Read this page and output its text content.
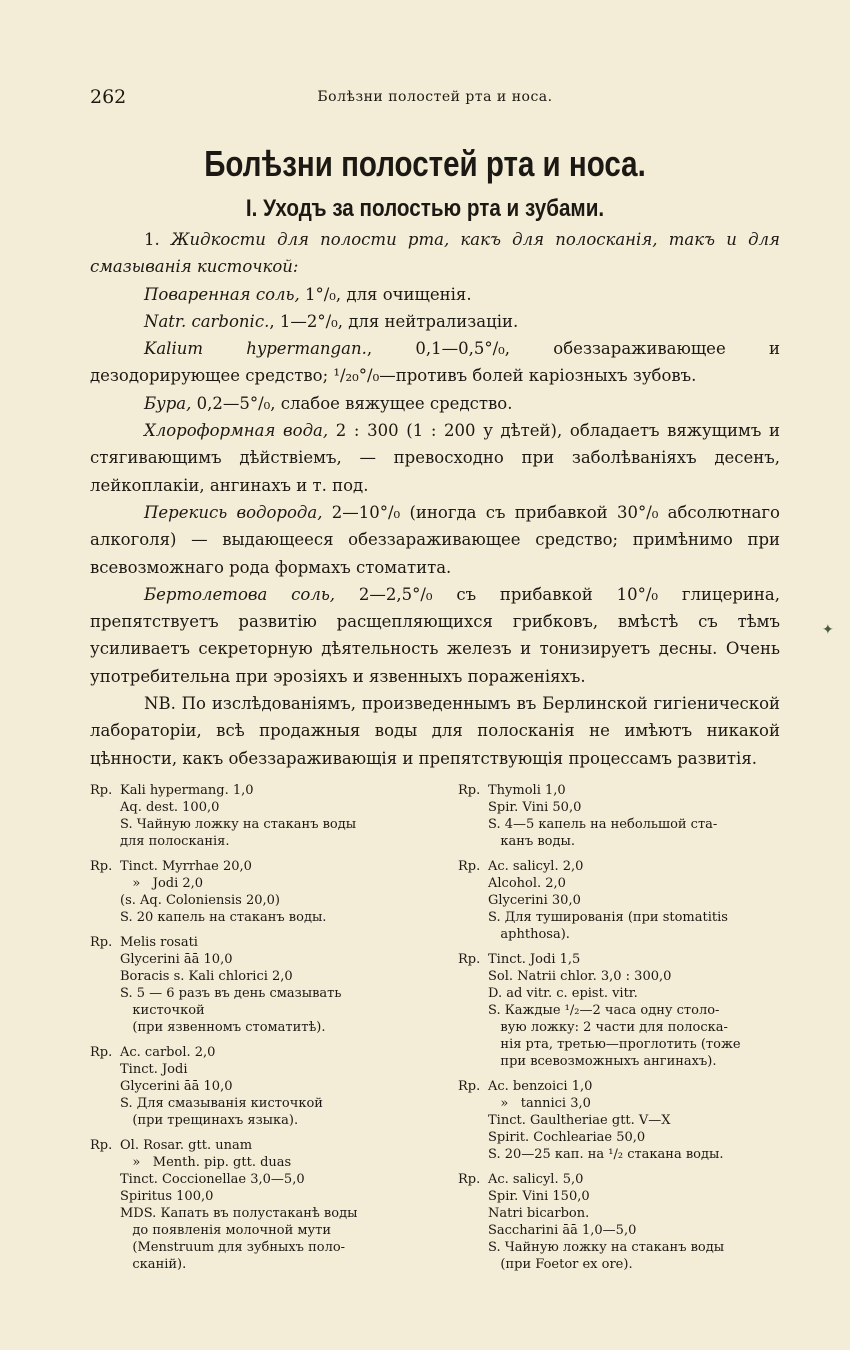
262	Болѣзни полостей рта и носа.
Болѣзни полостей рта и носа.
I. Уходъ за полостью рта и зубами.

1. Жидкости для полости рта, какъ для полосканія, такъ и для смазыванія кисточкой:

Поваренная соль, 1°/₀, для очищенія.

Natr. carbonic., 1—2°/₀, для нейтрализаціи.

Kalium hypermangan., 0,1—0,5°/₀, обеззараживающее и дезодорирующее средство; ¹/₂₀°/₀—противъ болей каріозныхъ зубовъ.

Бура, 0,2—5°/₀, слабое вяжущее средство.

Хлороформная вода, 2 : 300 (1 : 200 у дѣтей), обладаетъ вяжущимъ и стягивающимъ дѣйствіемъ, — превосходно при заболѣваніяхъ десенъ, лейкоплакіи, ангинахъ и т. под.

Перекись водорода, 2—10°/₀ (иногда съ прибавкой 30°/₀ абсолютнаго алкоголя) — выдающееся обеззараживающее средство; примѣнимо при всевозможнаго рода формахъ стоматита.

Бертолетова соль, 2—2,5°/₀ съ прибавкой 10°/₀ глицерина, препятствуетъ развитію расщепляющихся грибковъ, вмѣстѣ съ тѣмъ усиливаетъ секреторную дѣятельность железъ и тонизируетъ десны. Очень употребительна при эрозіяхъ и язвенныхъ пораженіяхъ.

NB. По изслѣдованіямъ, произведеннымъ въ Берлинской гигіенической лабораторіи, всѣ продажныя воды для полосканія не имѣютъ никакой цѣнности, какъ обеззараживающія и препятствующія процессамъ развитія.

Rp. Kali hypermang. 1,0
Aq. dest. 100,0
S. Чайную ложку на стаканъ воды
для полосканія.
Rp. Tinct. Myrrhae 20,0
»   Jodi 2,0
(s. Aq. Coloniensis 20,0)
S. 20 капель на стаканъ воды.
Rp. Melis rosati
Glycerini āā 10,0
Boracis s. Kali chlorici 2,0
S. 5 — 6 разъ въ день смазывать
кисточкой
(при язвенномъ стоматитѣ).
Rp. Ac. carbol. 2,0
Tinct. Jodi
Glycerini āā 10,0
S. Для смазыванія кисточкой
(при трещинахъ языка).
Rp. Ol. Rosar. gtt. unam
»   Menth. pip. gtt. duas
Tinct. Coccionellae 3,0—5,0
Spiritus 100,0
MDS. Капать въ полустаканѣ воды
до появленія молочной мути
(Menstruum для зубныхъ поло-
сканій).
Rp. Thymoli 1,0
Spir. Vini 50,0
S. 4—5 капель на небольшой ста-
канъ воды.
Rp. Ac. salicyl. 2,0
Alcohol. 2,0
Glycerini 30,0
S. Для тушированія (при stomatitis
aphthosa).
Rp. Tinct. Jodi 1,5
Sol. Natrii chlor. 3,0 : 300,0
D. ad vitr. c. epist. vitr.
S. Каждые ¹/₂—2 часа одну столо-
вую ложку: 2 части для полоска-
нія рта, третью—проглотить (тоже
при всевозможныхъ ангинахъ).
Rp. Ac. benzoici 1,0
»   tannici 3,0
Tinct. Gaultheriae gtt. V—X
Spirit. Cochleariae 50,0
S. 20—25 кап. на ¹/₂ стакана воды.
Rp. Ac. salicyl. 5,0
Spir. Vini 150,0
Natri bicarbon.
Saccharini āā 1,0—5,0
S. Чайную ложку на стаканъ воды
(при Foetor ex ore).
✦
